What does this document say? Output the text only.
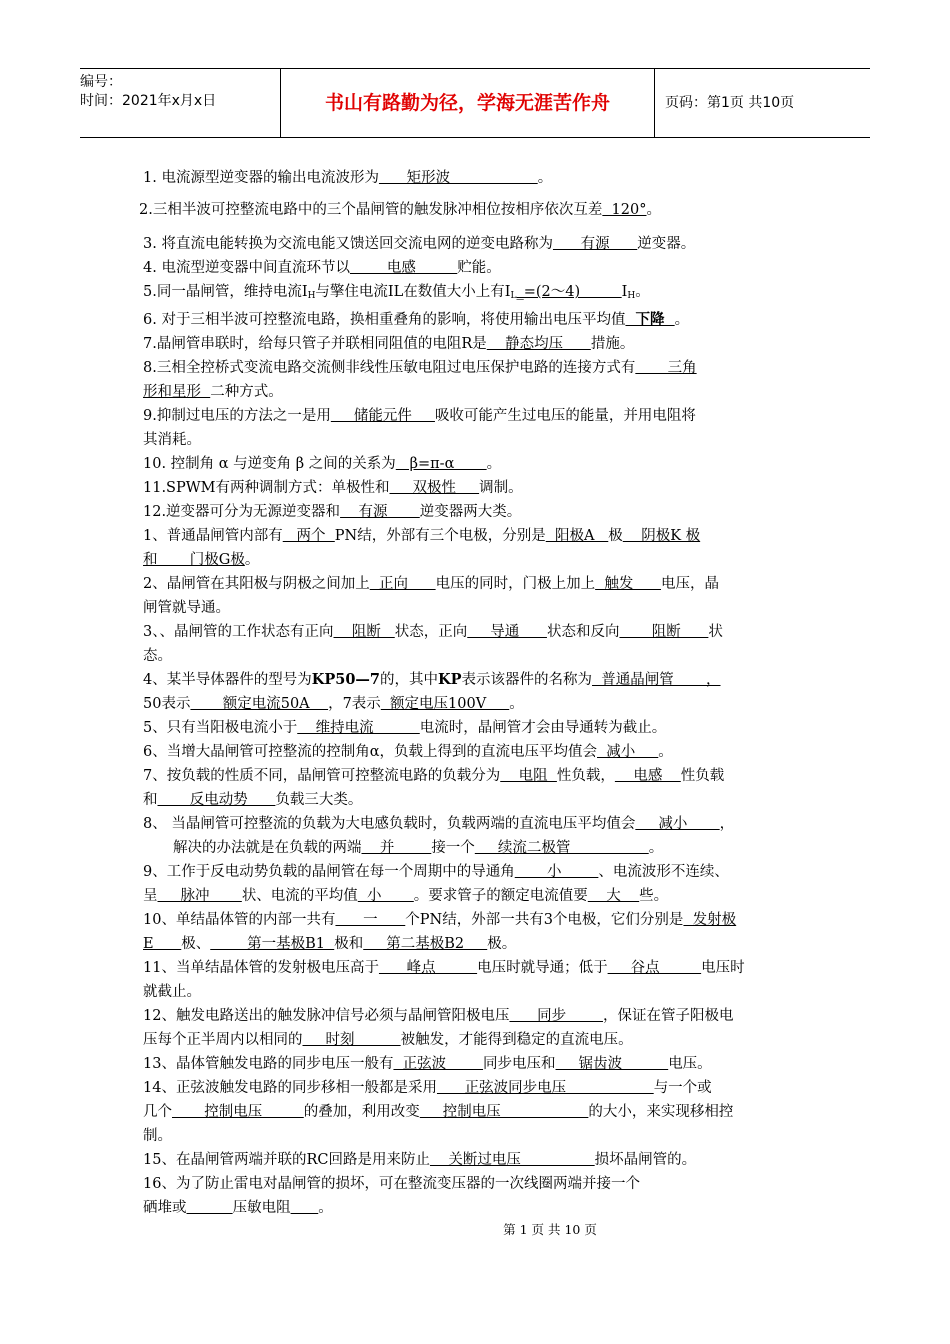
编号：
时间：2021年x月x日	书山有路勤为径，学海无涯苦作舟	页码：第1页 共10页
1. 电流源型逆变器的输出电流波形为      矩形波                   。
2.三相半波可控整流电路中的三个晶闸管的触发脉冲相位按相序依次互差  120°。
3. 将直流电能转换为交流电能又馈送回交流电网的逆变电路称为      有源      逆变器。
4. 电流型逆变器中间直流环节以        电感         贮能。
5.同一晶闸管，维持电流$I_H$与擎住电流IL在数值大小上有$I_L\_=(2\sim 4)$         $I_H$。
6. 对于三相半波可控整流电路，换相重叠角的影响，将使用输出电压平均值  下降  。
7.晶闸管串联时，给每只管子并联相同阻值的电阻R是    静态均压      措施。
8.三相全控桥式变流电路交流侧非线性压敏电阻过电压保护电路的连接方式有       三角
形和星形  二种方式。
9.抑制过电压的方法之一是用     储能元件     吸收可能产生过电压的能量，并用电阻将
其消耗。
10. 控制角 α 与逆变角 β 之间的关系为   β=π-α       。
11.SPWM有两种调制方式：单极性和     双极性     调制。
12.逆变器可分为无源逆变器和    有源       逆变器两大类。
1、普通晶闸管内部有   两个  PN结，外部有三个电极，分别是  阳极A   极    阴极K 极
和       门极G极。
2、晶闸管在其阳极与阴极之间加上  正向      电压的同时，门极上加上  触发      电压，晶
闸管就导通。
3、、晶闸管的工作状态有正向    阻断   状态，正向     导通      状态和反向       阻断      状
态。
4、某半导体器件的型号为KP50—7的，其中KP表示该器件的名称为  普通晶闸管       ，
50表示       额定电流50A    ，7表示  额定电压100V     。
5、只有当阳极电流小于    维持电流          电流时，晶闸管才会由导通转为截止。
6、当增大晶闸管可控整流的控制角α，负载上得到的直流电压平均值会  减小     。
7、按负载的性质不同，晶闸管可控整流电路的负载分为    电阻  性负载，    电感    性负载
和       反电动势      负载三大类。
8、 当晶闸管可控整流的负载为大电感负载时，负载两端的直流电压平均值会     减小       ，
解决的办法就是在负载的两端    并        接一个     续流二极管                 。
9、工作于反电动势负载的晶闸管在每一个周期中的导通角       小        、电流波形不连续、
呈     脉冲       状、电流的平均值  小       。要求管子的额定电流值要    大    些。
10、单结晶体管的内部一共有      一      个PN结，外部一共有3个电极，它们分别是  发射极
E      极、        第一基极B1  极和     第二基极B2     极。
11、当单结晶体管的发射极电压高于      峰点         电压时就导通；低于     谷点         电压时
就截止。
12、触发电路送出的触发脉冲信号必须与晶闸管阳极电压      同步        ，保证在管子阳极电
压每个正半周内以相同的     时刻          被触发，才能得到稳定的直流电压。
13、晶体管触发电路的同步电压一般有  正弦波        同步电压和     锯齿波          电压。
14、正弦波触发电路的同步移相一般都是采用      正弦波同步电压                   与一个或
几个       控制电压         的叠加，利用改变     控制电压                   的大小，来实现移相控
制。
15、在晶闸管两端并联的RC回路是用来防止    关断过电压                损坏晶闸管的。
16、为了防止雷电对晶闸管的损坏，可在整流变压器的一次线圈两端并接一个
硒堆或	压敏电阻 。
第 1 页 共 10 页
